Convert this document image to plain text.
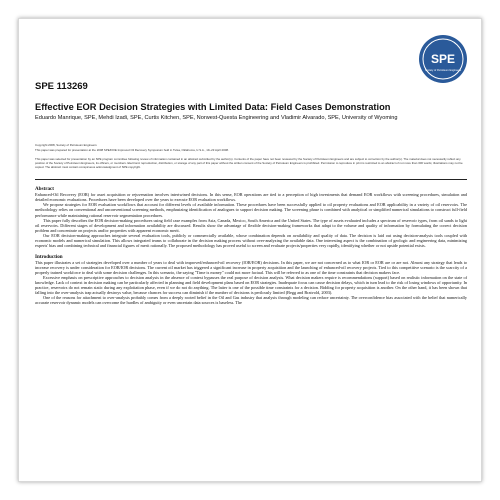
SPE
Society of Petroleum Engineers
SPE 113269
Effective EOR Decision Strategies with Limited Data: Field Cases Demonstration
Eduardo Manrique, SPE, Mehdi Izadi, SPE, Curtis Kitchen, SPE, Norwest-Questa Engineering and Vladimir Alvarado, SPE, University of Wyoming
Copyright 2008, Society of Petroleum Engineers
This paper was prepared for presentation at the 2008 SPE/DOE Improved Oil Recovery Symposium held in Tulsa, Oklahoma, U.S.A., 19–23 April 2008.
This paper was selected for presentation by an SPE program committee following review of information contained in an abstract submitted by the author(s). Contents of the paper have not been reviewed by the Society of Petroleum Engineers and are subject to correction by the author(s). The material does not necessarily reflect any position of the Society of Petroleum Engineers, its officers, or members. Electronic reproduction, distribution, or storage of any part of this paper without the written consent of the Society of Petroleum Engineers is prohibited. Permission to reproduce in print is restricted to an abstract of not more than 300 words; illustrations may not be copied. The abstract must contain conspicuous acknowledgment of SPE copyright.
Abstract
Enhanced-Oil Recovery (EOR) for asset acquisition or rejuvenation involves intertwined decisions. In this sense, EOR operations are tied to a perception of high investments that demand EOR workflows with screening procedures, simulation and detailed economic evaluations. Procedures have been developed over the years to execute EOR evaluation workflows.
We propose strategies for EOR evaluation workflows that account for different levels of available information. These procedures have been successfully applied to oil property evaluations and EOR applicability in a variety of oil reservoirs. The methodology relies on conventional and unconventional screening methods, emphasizing identification of analogues to support decision making. The screening phase is combined with analytical or simplified numerical simulations to construct full-field performance while maintaining rational reservoir segmentation procedures.
This paper fully describes the EOR decision-making procedures using field case examples from Asia, Canada, Mexico, South America and the United States. The type of assets evaluated includes a spectrum of reservoir types, from oil sands to light oil reservoirs. Different stages of development and information availability are discussed. Results show the advantage of flexible decision-making frameworks that adapt to the volume and quality of information by formulating the correct decision problem and concentrate on projects and/or properties with apparent economic merit.
Our EOR decision-making approaches integrate several evaluation tools, publicly or commercially available, whose combination depends on availability and quality of data. The decision is laid out using decision-analysis tools coupled with economic models and numerical simulation. This allows integrated teams to collaborate in the decision making process without over-analyzing the available data. One interesting aspect is the combination of geologic and engineering data, minimizing experts' bias and combining technical and financial figures of merit rationally. The proposed methodology has proved useful to screen and evaluate projects/properties very rapidly, identifying whether or not upside potential exists.
Introduction
This paper illustrates a set of strategies developed over a number of years to deal with improved/enhanced-oil recovery (IOR/EOR) decisions. In this paper, we are not concerned as to what IOR or EOR are or are not. Almost any strategy that leads to increase recovery is under consideration for EOR/IOR decisions. The current oil market has triggered a significant increase in property acquisition and the launching of enhanced-oil recovery projects. Tied to this competitive scenario is the scarcity of a properly trained workforce to deal with some decision challenges. In this scenario, the saying "Time is money" could not more factual. This will be referred to as one of the time constraints that decision makers face.
Excessive emphasis on prescriptive approaches to decision analysis in the absence of context bypasses the real purpose of decision analysis. What decision makers require is recommendations (support) based on realistic information on the state of knowledge. Lack of context in decision making can be particularly affected in planning and field development plans based on EOR strategies. Inadequate focus can cause decision delays, which in turn lead to the risk of losing windows of opportunity. In practice, reservoirs do not remain static during any exploitation phase, even if we do not do anything. The latter is one of the possible time constraints for a decision. Bidding for property acquisition is another. On the other hand, it has been shown that falling into the over-analysis trap actually destroys value, because chances for success can diminish if the number of decisions is perilously limited (Begg and Bratvold, 2003).
One of the reasons for attachment to over-analysis probably comes from a deeply rooted belief in the Oil and Gas industry that analysis through modeling can reduce uncertainty. The overconfidence bias associated with the belief that numerically accurate reservoir dynamic models can overcome the hurdles of ambiguity or even uncertain data sources is baseless. The
